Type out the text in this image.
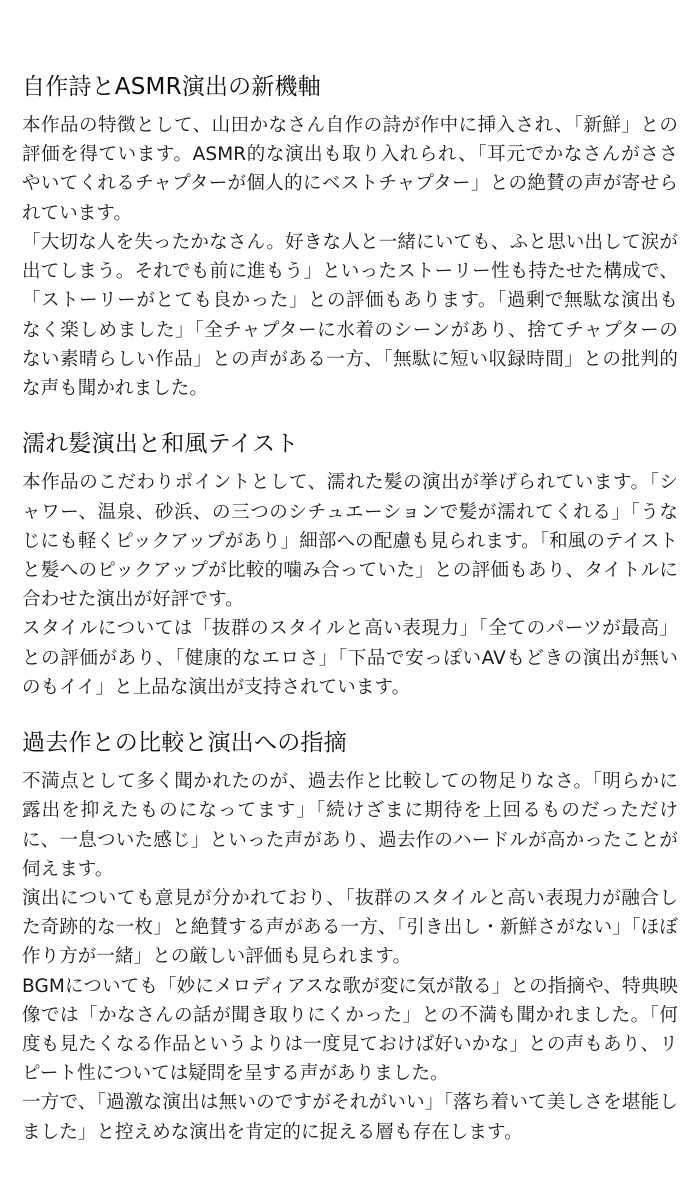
自作詩とASMR演出の新機軸

本作品の特徴として、山田かなさん自作の詩が作中に挿入され、「新鮮」との評価を得ています。ASMR的な演出も取り入れられ、「耳元でかなさんがささやいてくれるチャプターが個人的にベストチャプター」との絶賛の声が寄せられています。

「大切な人を失ったかなさん。好きな人と一緒にいても、ふと思い出して涙が出てしまう。それでも前に進もう」といったストーリー性も持たせた構成で、「ストーリーがとても良かった」との評価もあります。「過剰で無駄な演出もなく楽しめました」「全チャプターに水着のシーンがあり、捨てチャプターのない素晴らしい作品」との声がある一方、「無駄に短い収録時間」との批判的な声も聞かれました。

濡れ髪演出と和風テイスト

本作品のこだわりポイントとして、濡れた髪の演出が挙げられています。「シャワー、温泉、砂浜、の三つのシチュエーションで髪が濡れてくれる」「うなじにも軽くピックアップがあり」細部への配慮も見られます。「和風のテイストと髪へのピックアップが比較的噛み合っていた」との評価もあり、タイトルに合わせた演出が好評です。

スタイルについては「抜群のスタイルと高い表現力」「全てのパーツが最高」との評価があり、「健康的なエロさ」「下品で安っぽいAVもどきの演出が無いのもイイ」と上品な演出が支持されています。

過去作との比較と演出への指摘

不満点として多く聞かれたのが、過去作と比較しての物足りなさ。「明らかに露出を抑えたものになってます」「続けざまに期待を上回るものだっただけに、一息ついた感じ」といった声があり、過去作のハードルが高かったことが伺えます。

演出についても意見が分かれており、「抜群のスタイルと高い表現力が融合した奇跡的な一枚」と絶賛する声がある一方、「引き出し・新鮮さがない」「ほぼ作り方が一緒」との厳しい評価も見られます。

BGMについても「妙にメロディアスな歌が変に気が散る」との指摘や、特典映像では「かなさんの話が聞き取りにくかった」との不満も聞かれました。「何度も見たくなる作品というよりは一度見ておけば好いかな」との声もあり、リピート性については疑問を呈する声がありました。

一方で、「過激な演出は無いのですがそれがいい」「落ち着いて美しさを堪能しました」と控えめな演出を肯定的に捉える層も存在します。
